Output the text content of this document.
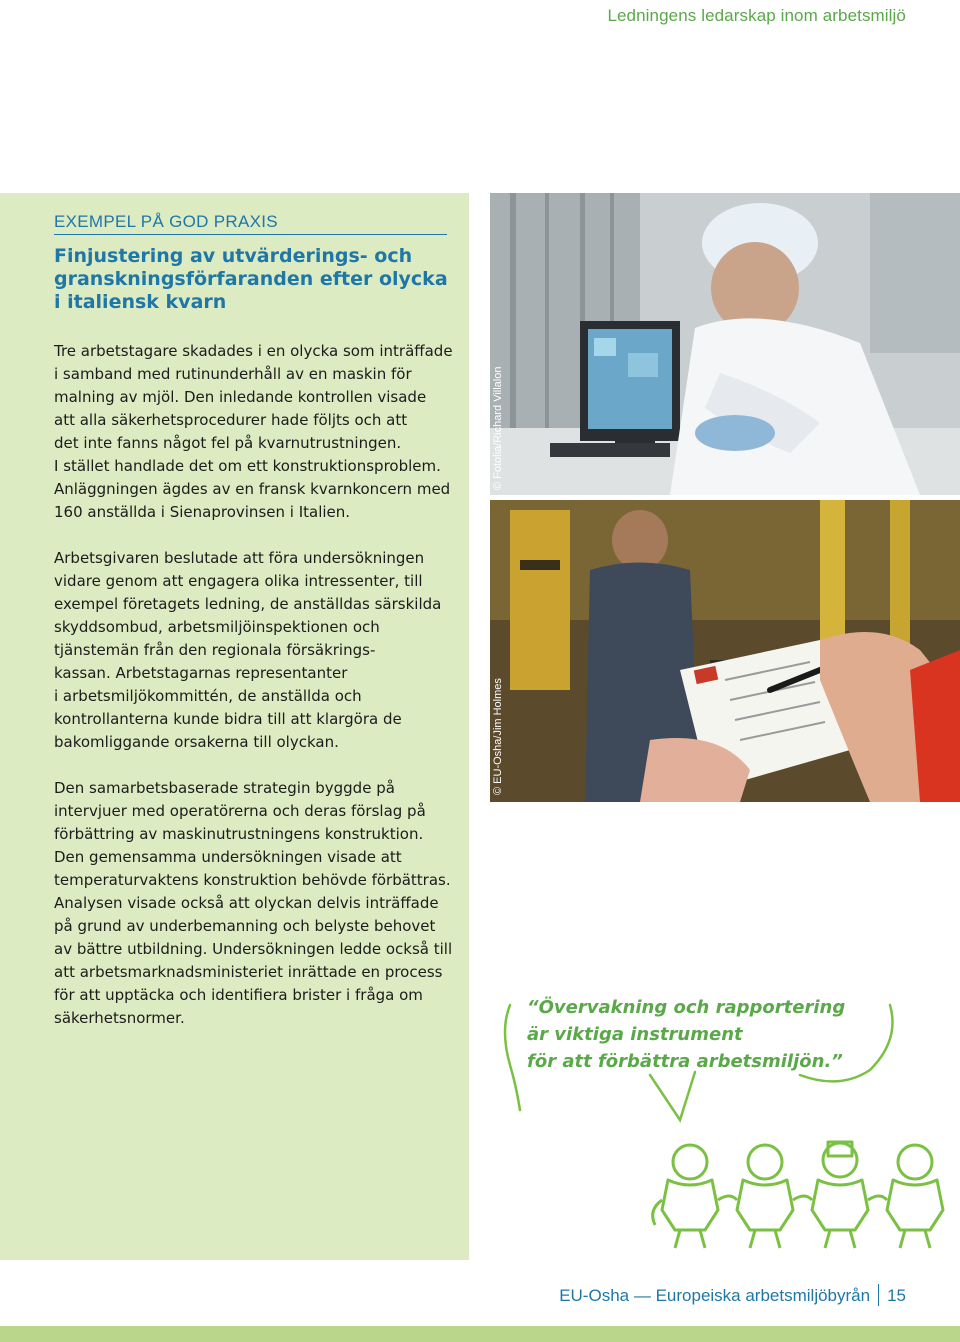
Ledningens ledarskap inom arbetsmiljö
EXEMPEL PÅ GOD PRAXIS
Finjustering av utvärderings- och
granskningsförfaranden efter olycka
i italiensk kvarn
Tre arbetstagare skadades i en olycka som inträffade
i samband med rutinunderhåll av en maskin för
malning av mjöl. Den inledande kontrollen visade
att alla säkerhetsprocedurer hade följts och att
det inte fanns något fel på kvarnutrustningen.
I stället handlade det om ett konstruktionsproblem.
Anläggningen ägdes av en fransk kvarnkoncern med
160 anställda i Sienaprovinsen i Italien.
Arbetsgivaren beslutade att föra undersökningen
vidare genom att engagera olika intressenter, till
exempel företagets ledning, de anställdas särskilda
skyddsombud, arbetsmiljöinspektionen och
tjänstemän från den regionala försäkrings-
kassan. Arbetstagarnas representanter
i arbetsmiljökommittén, de anställda och
kontrollanterna kunde bidra till att klargöra de
bakomliggande orsakerna till olyckan.
Den samarbetsbaserade strategin byggde på
intervjuer med operatörerna och deras förslag på
förbättring av maskinutrustningens konstruktion.
Den gemensamma undersökningen visade att
temperaturvaktens konstruktion behövde förbättras.
Analysen visade också att olyckan delvis inträffade
på grund av underbemanning och belyste behovet
av bättre utbildning. Undersökningen ledde också till
att arbetsmarknadsministeriet inrättade en process
för att upptäcka och identifiera brister i fråga om
säkerhetsnormer.
© Fotolia/Richard Villalon
© EU-Osha/Jim Holmes
“Övervakning och rapportering
är viktiga instrument
för att förbättra arbetsmiljön.”
EU-Osha — Europeiska arbetsmiljöbyrån 15
